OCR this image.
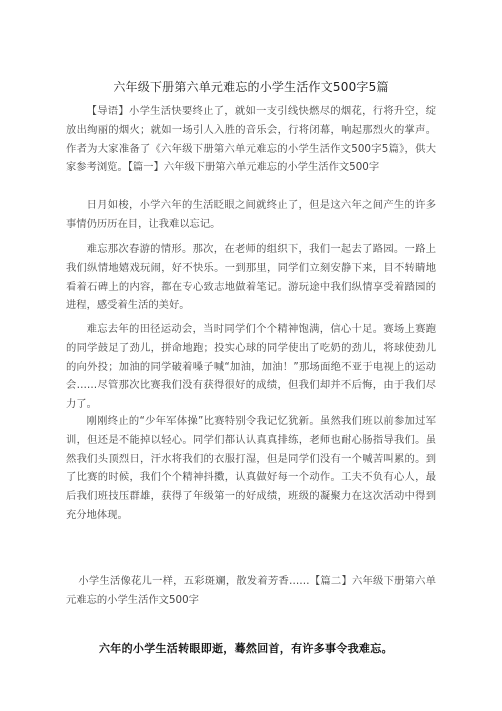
六年级下册第六单元难忘的小学生活作文500字5篇

【导语】小学生活快要终止了，就如一支引线快燃尽的烟花，行将升空，绽放出绚丽的烟火；就如一场引人入胜的音乐会，行将闭幕，响起那烈火的掌声。作者为大家准备了《六年级下册第六单元难忘的小学生活作文500字5篇》，供大家参考浏览。【篇一】六年级下册第六单元难忘的小学生活作文500字

日月如梭，小学六年的生活眨眼之间就终止了，但是这六年之间产生的许多事情仍历历在目，让我难以忘记。

难忘那次春游的情形。那次，在老师的组织下，我们一起去了路园。一路上我们纵情地嬉戏玩闹，好不快乐。一到那里，同学们立刻安静下来，目不转睛地看着石碑上的内容，都在专心致志地做着笔记。游玩途中我们纵情享受着踏园的进程，感受着生活的美好。

难忘去年的田径运动会，当时同学们个个精神饱满，信心十足。赛场上赛跑的同学鼓足了劲儿，拼命地跑；投实心球的同学使出了吃奶的劲儿，将球使劲儿的向外投；加油的同学破着嗓子喊“加油，加油！”那场面绝不亚于电视上的运动会……尽管那次比赛我们没有获得很好的成绩，但我们却并不后悔，由于我们尽力了。

刚刚终止的“少年军体操”比赛特别令我记忆犹新。虽然我们班以前参加过军训，但还是不能掉以轻心。同学们都认认真真排练，老师也耐心肠指导我们。虽然我们头顶烈日，汗水将我们的衣服打湿，但是同学们没有一个喊苦叫累的。到了比赛的时候，我们个个精神抖擞，认真做好每一个动作。工夫不负有心人，最后我们班技压群雄，获得了年级第一的好成绩，班级的凝聚力在这次活动中得到充分地体现。

小学生活像花儿一样，五彩斑斓，散发着芳香……【篇二】六年级下册第六单元难忘的小学生活作文500字

六年的小学生活转眼即逝，蓦然回首，有许多事令我难忘。
